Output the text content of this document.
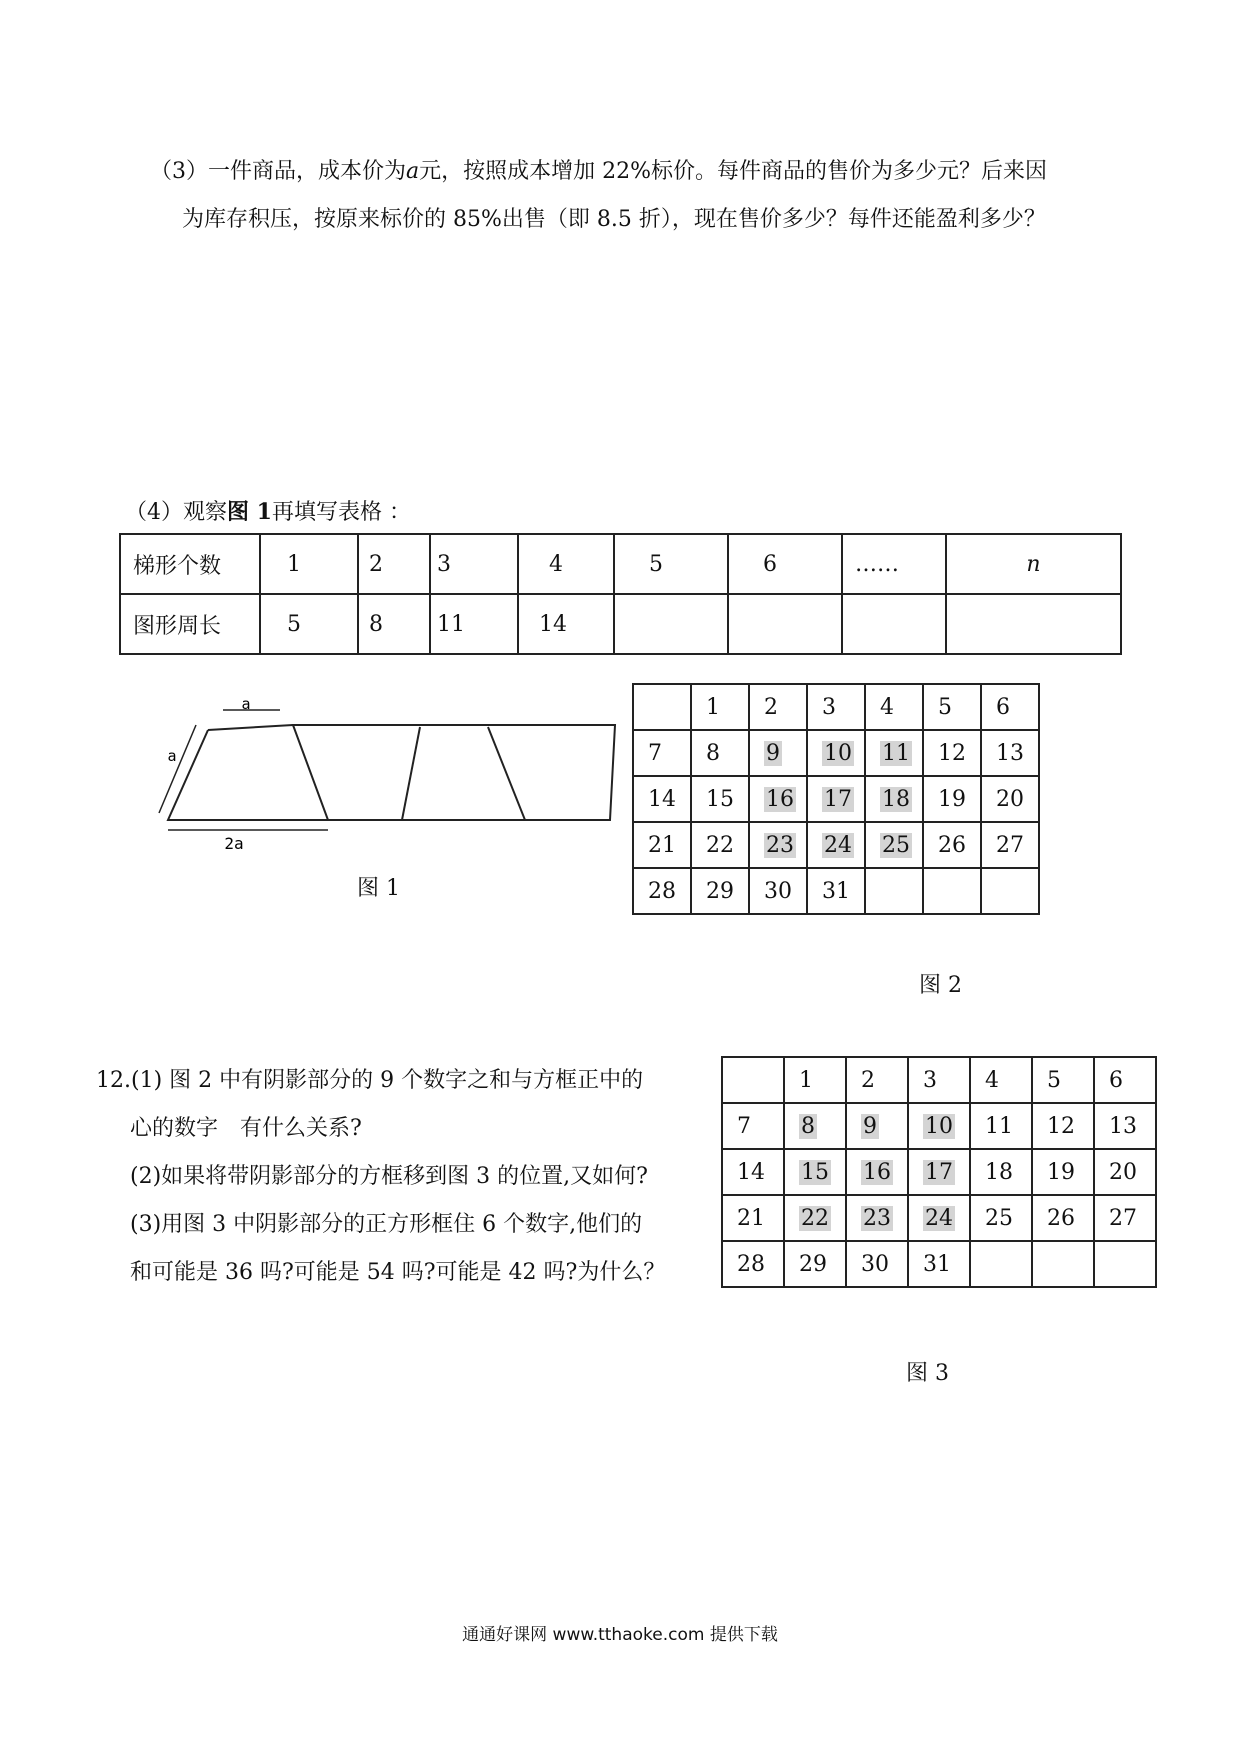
（3）一件商品，成本价为a元，按照成本增加 22%标价。每件商品的售价为多少元？后来因
为库存积压，按原来标价的 85%出售（即 8.5 折），现在售价多少？每件还能盈利多少？
（4）观察图 1再填写表格 ：
梯形个数	1	2	3	4	5	6	……	n
图形周长	5	8	11	14				
a
a
2a
图 1
	1	2	3	4	5	6
7	8	9	10	11	12	13
14	15	16	17	18	19	20
21	22	23	24	25	26	27
28	29	30	31			
图 2
12.(1) 图 2 中有阴影部分的 9 个数字之和与方框正中的
心的数字　有什么关系?
(2)如果将带阴影部分的方框移到图 3 的位置,又如何?
(3)用图 3 中阴影部分的正方形框住 6 个数字,他们的
和可能是 36 吗?可能是 54 吗?可能是 42 吗?为什么？
	1	2	3	4	5	6
7	8	9	10	11	12	13
14	15	16	17	18	19	20
21	22	23	24	25	26	27
28	29	30	31			
图 3
通通好课网 www.tthaoke.com 提供下载
